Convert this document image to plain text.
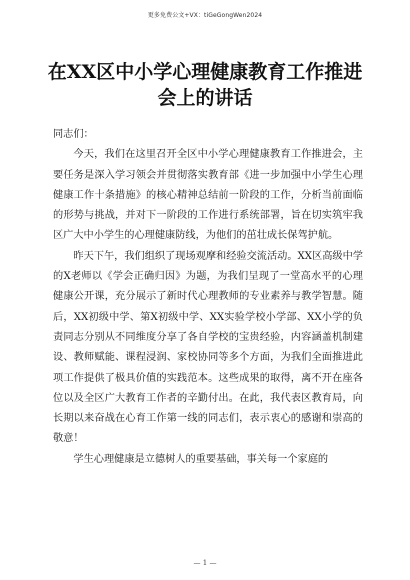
更多免费公文+VX：tiGeGongWen2024
在XX区中小学心理健康教育工作推进会上的讲话

同志们：

今天，我们在这里召开全区中小学心理健康教育工作推进会，主要任务是深入学习领会并贯彻落实教育部《进一步加强中小学生心理健康工作十条措施》的核心精神总结前一阶段的工作，分析当前面临的形势与挑战，并对下一阶段的工作进行系统部署，旨在切实筑牢我区广大中小学生的心理健康防线，为他们的茁壮成长保驾护航。

昨天下午，我们组织了现场观摩和经验交流活动。XX区高级中学的X老师以《学会正确归因》为题，为我们呈现了一堂高水平的心理健康公开课，充分展示了新时代心理教师的专业素养与教学智慧。随后，XX初级中学、第X初级中学、XX实验学校小学部、XX小学的负责同志分别从不同维度分享了各自学校的宝贵经验，内容涵盖机制建设、教师赋能、课程浸润、家校协同等多个方面，为我们全面推进此项工作提供了极具价值的实践范本。这些成果的取得，离不开在座各位以及全区广大教育工作者的辛勤付出。在此，我代表区教育局，向长期以来奋战在心育工作第一线的同志们，表示衷心的感谢和崇高的敬意！

学生心理健康是立德树人的重要基础，事关每一个家庭的

— 1 —
